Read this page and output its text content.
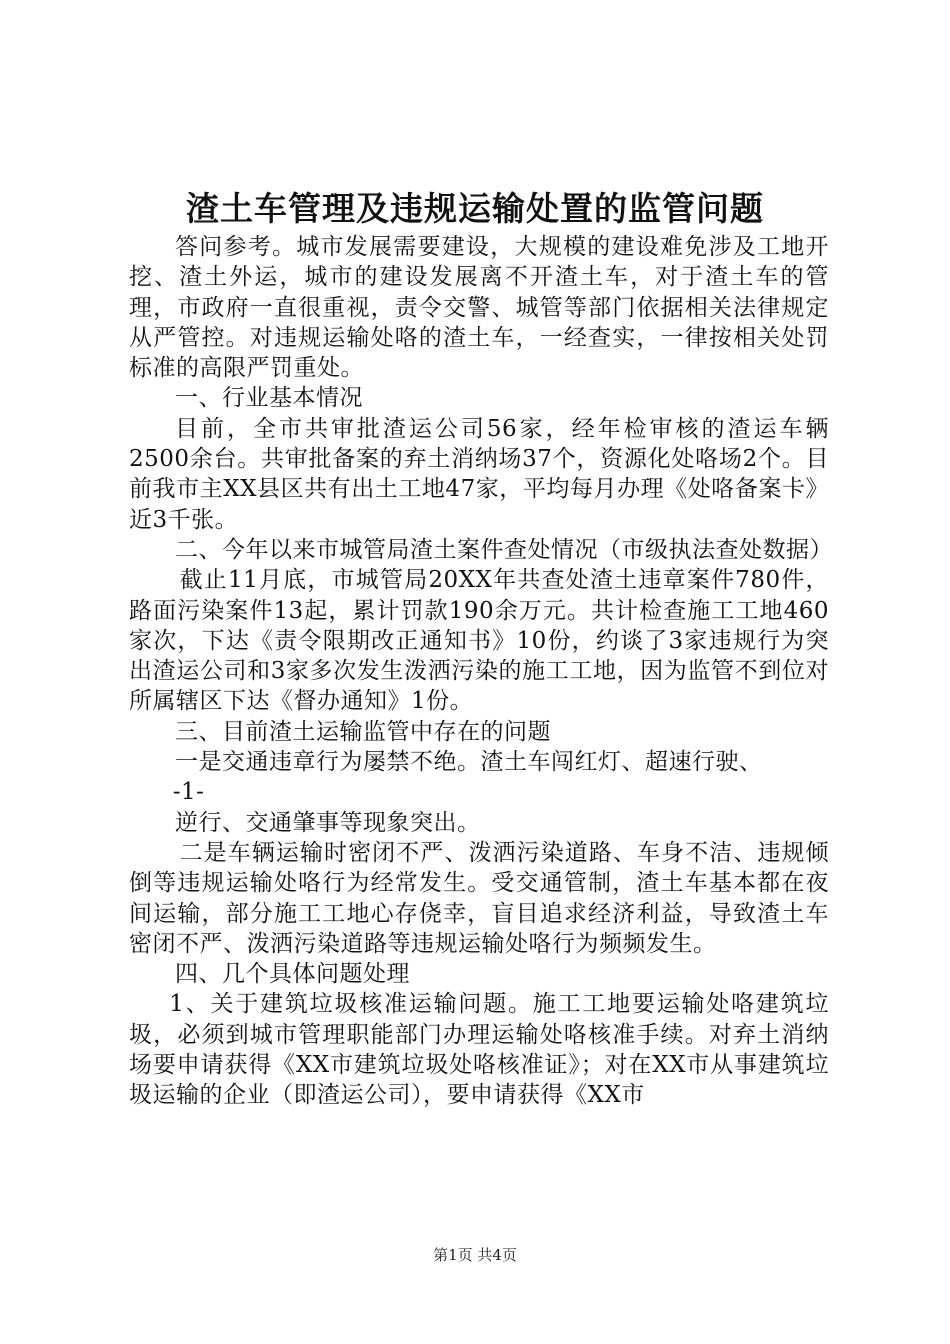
渣土车管理及违规运输处置的监管问题

答问参考。城市发展需要建设，大规模的建设难免涉及工地开挖、渣土外运，城市的建设发展离不开渣土车，对于渣土车的管理，市政府一直很重视，责令交警、城管等部门依据相关法律规定从严管控。对违规运输处咯的渣土车，一经查实，一律按相关处罚标准的高限严罚重处。

一、行业基本情况

目前，全市共审批渣运公司56家，经年检审核的渣运车辆2500余台。共审批备案的弃土消纳场37个，资源化处咯场2个。目前我市主XX县区共有出土工地47家，平均每月办理《处咯备案卡》近3千张。

二、今年以来市城管局渣土案件查处情况（市级执法查处数据）

截止11月底，市城管局20XX年共查处渣土违章案件780件，路面污染案件13起，累计罚款190余万元。共计检查施工工地460家次，下达《责令限期改正通知书》10份，约谈了3家违规行为突出渣运公司和3家多次发生泼洒污染的施工工地，因为监管不到位对所属辖区下达《督办通知》1份。

三、目前渣土运输监管中存在的问题

一是交通违章行为屡禁不绝。渣土车闯红灯、超速行驶、

-1-

逆行、交通肇事等现象突出。

二是车辆运输时密闭不严、泼洒污染道路、车身不洁、违规倾倒等违规运输处咯行为经常发生。受交通管制，渣土车基本都在夜间运输，部分施工工地心存侥幸，盲目追求经济利益，导致渣土车密闭不严、泼洒污染道路等违规运输处咯行为频频发生。

四、几个具体问题处理

1、关于建筑垃圾核准运输问题。施工工地要运输处咯建筑垃圾，必须到城市管理职能部门办理运输处咯核准手续。对弃土消纳场要申请获得《XX市建筑垃圾处咯核准证》；对在XX市从事建筑垃圾运输的企业（即渣运公司），要申请获得《XX市

第1页 共4页
